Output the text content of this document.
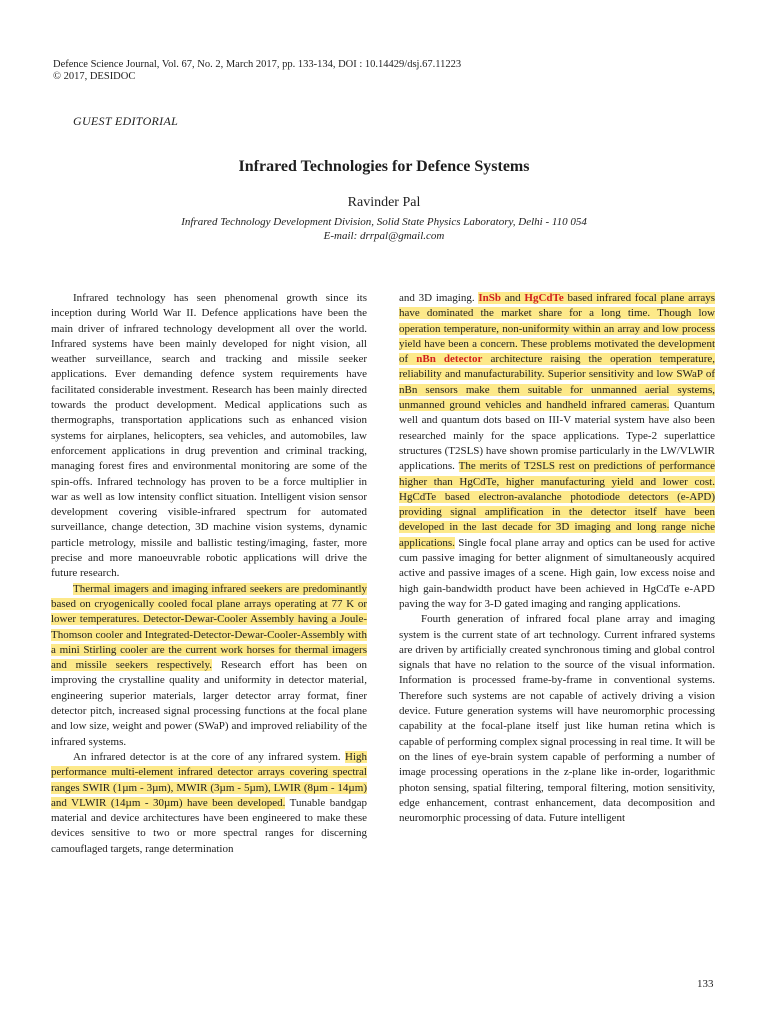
Defence Science Journal, Vol. 67, No. 2, March 2017, pp. 133-134, DOI : 10.14429/dsj.67.11223
© 2017, DESIDOC
GUEST EDITORIAL
Infrared Technologies for Defence Systems
Ravinder Pal
Infrared Technology Development Division, Solid State Physics Laboratory, Delhi - 110 054
E-mail: drrpal@gmail.com

Infrared technology has seen phenomenal growth since its inception during World War II. Defence applications have been the main driver of infrared technology development all over the world. Infrared systems have been mainly developed for night vision, all weather surveillance, search and tracking and missile seeker applications. Ever demanding defence system requirements have facilitated considerable investment. Research has been mainly directed towards the product development. Medical applications such as thermographs, transportation applications such as enhanced vision systems for airplanes, helicopters, sea vehicles, and automobiles, law enforcement applications in drug prevention and criminal tracking, managing forest fires and environmental monitoring are some of the spin-offs. Infrared technology has proven to be a force multiplier in war as well as low intensity conflict situation. Intelligent vision sensor development covering visible-infrared spectrum for automated surveillance, change detection, 3D machine vision systems, dynamic particle metrology, missile and ballistic testing/imaging, faster, more precise and more manoeuvrable robotic applications will drive the future research.

Thermal imagers and imaging infrared seekers are predominantly based on cryogenically cooled focal plane arrays operating at 77 K or lower temperatures. Detector-Dewar-Cooler Assembly having a Joule-Thomson cooler and Integrated-Detector-Dewar-Cooler-Assembly with a mini Stirling cooler are the current work horses for thermal imagers and missile seekers respectively. Research effort has been on improving the crystalline quality and uniformity in detector material, engineering superior materials, larger detector array format, finer detector pitch, increased signal processing functions at the focal plane and low size, weight and power (SWaP) and improved reliability of the infrared systems.

An infrared detector is at the core of any infrared system. High performance multi-element infrared detector arrays covering spectral ranges SWIR (1µm - 3µm), MWIR (3µm - 5µm), LWIR (8µm - 14µm) and VLWIR (14µm - 30µm) have been developed. Tunable bandgap material and device architectures have been engineered to make these devices sensitive to two or more spectral ranges for discerning camouflaged targets, range determination

and 3D imaging. InSb and HgCdTe based infrared focal plane arrays have dominated the market share for a long time. Though low operation temperature, non-uniformity within an array and low process yield have been a concern. These problems motivated the development of nBn detector architecture raising the operation temperature, reliability and manufacturability. Superior sensitivity and low SWaP of nBn sensors make them suitable for unmanned aerial systems, unmanned ground vehicles and handheld infrared cameras. Quantum well and quantum dots based on III-V material system have also been researched mainly for the space applications. Type-2 superlattice structures (T2SLS) have shown promise particularly in the LW/VLWIR applications. The merits of T2SLS rest on predictions of performance higher than HgCdTe, higher manufacturing yield and lower cost. HgCdTe based electron-avalanche photodiode detectors (e-APD) providing signal amplification in the detector itself have been developed in the last decade for 3D imaging and long range niche applications. Single focal plane array and optics can be used for active cum passive imaging for better alignment of simultaneously acquired active and passive images of a scene. High gain, low excess noise and high gain-bandwidth product have been achieved in HgCdTe e-APD paving the way for 3-D gated imaging and ranging applications.

Fourth generation of infrared focal plane array and imaging system is the current state of art technology. Current infrared systems are driven by artificially created synchronous timing and global control signals that have no relation to the source of the visual information. Information is processed frame-by-frame in conventional systems. Therefore such systems are not capable of actively driving a vision device. Future generation systems will have neuromorphic processing capability at the focal-plane itself just like human retina which is capable of performing complex signal processing in real time. It will be on the lines of eye-brain system capable of performing a number of image processing operations in the z-plane like in-order, logarithmic photon sensing, spatial filtering, temporal filtering, motion sensitivity, edge enhancement, contrast enhancement, data decomposition and neuromorphic processing of data. Future intelligent

133
